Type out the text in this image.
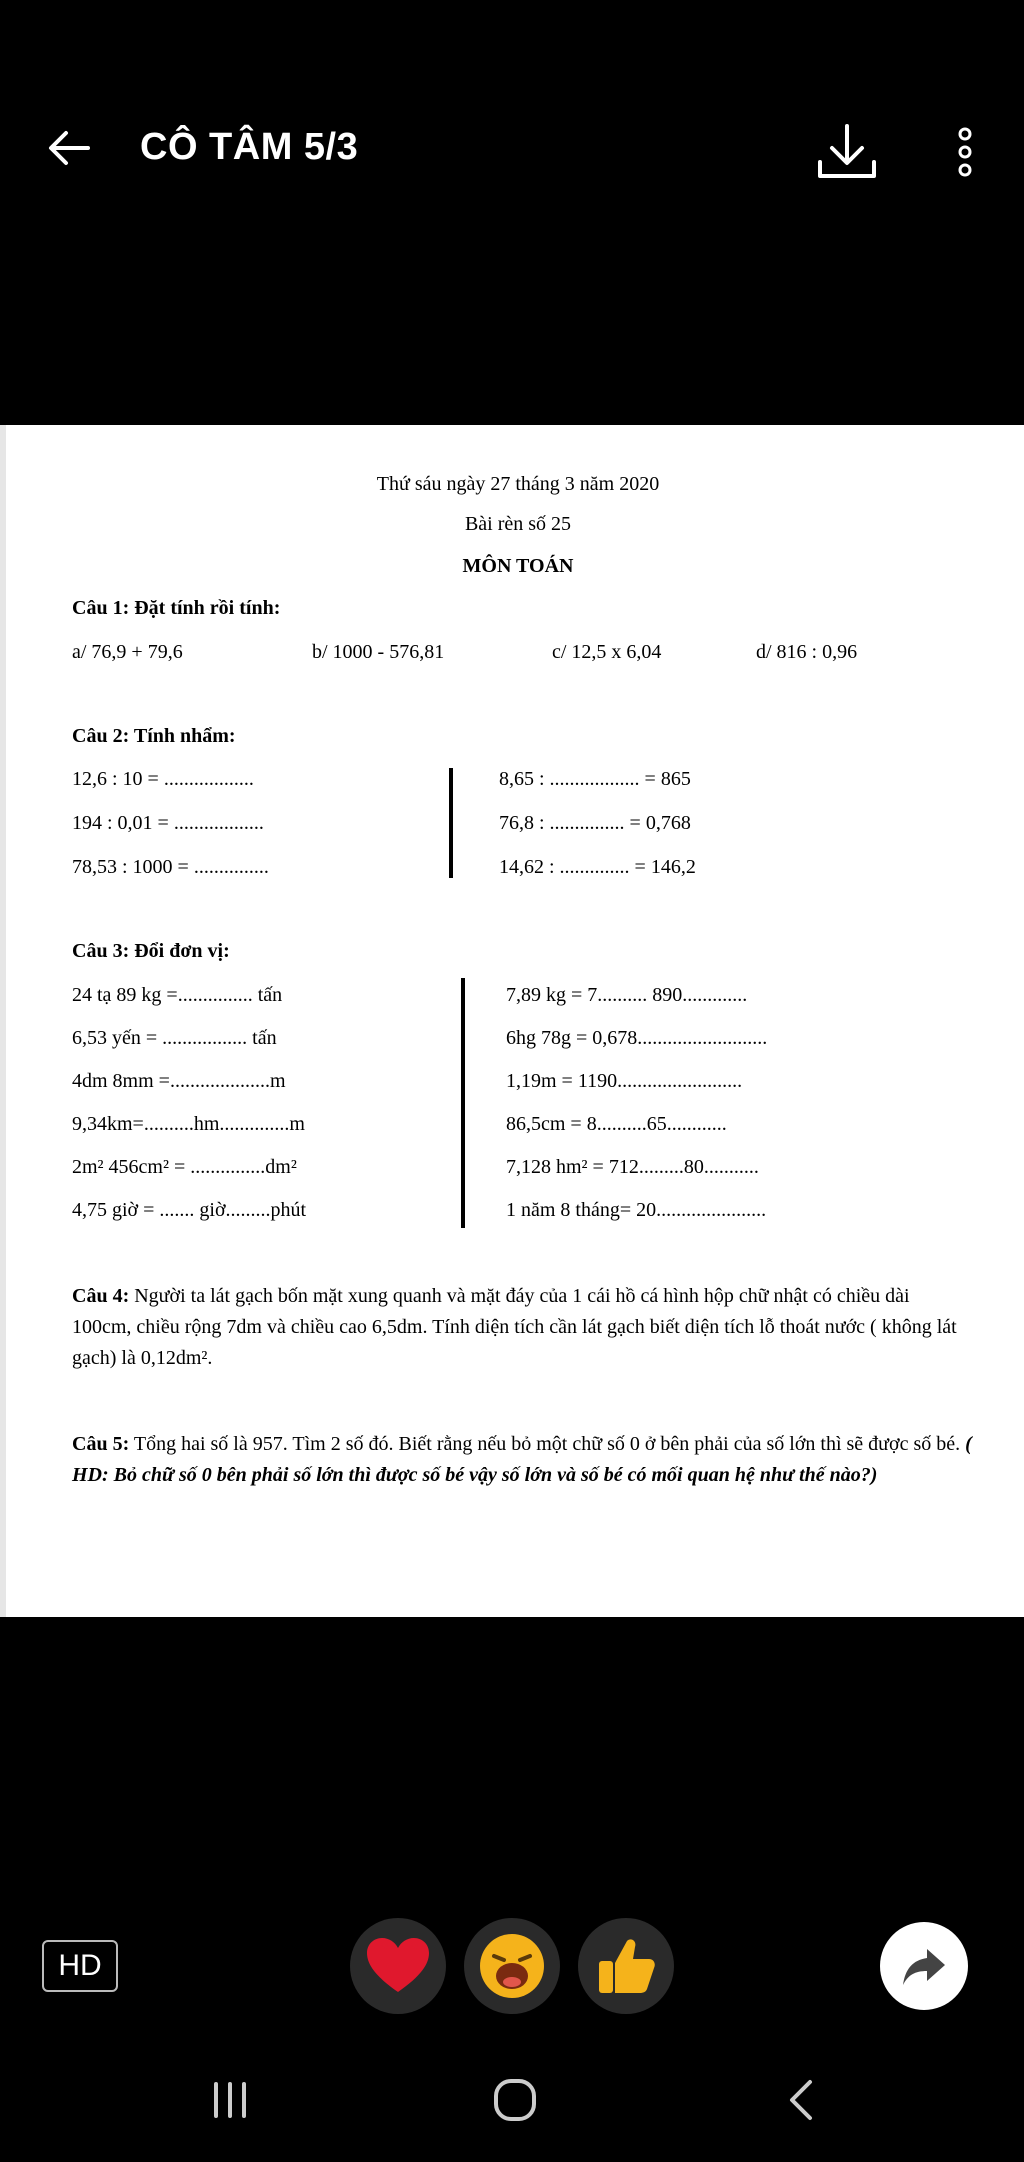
CÔ TÂM 5/3
Thứ sáu ngày 27 tháng 3 năm 2020
Bài rèn số 25
MÔN TOÁN
Câu 1: Đặt tính rồi tính:
a/ 76,9 + 79,6	b/ 1000 - 576,81	c/ 12,5 x 6,04	d/ 816 : 0,96
Câu 2: Tính nhẩm:
12,6 : 10 = ..................
194 : 0,01 = ..................
78,53 : 1000 = ...............
8,65 : .................. = 865
76,8 : ............... = 0,768
14,62 : .............. = 146,2
Câu 3: Đổi đơn vị:
24 tạ 89 kg =............... tấn
6,53 yến = ................. tấn
4dm 8mm =....................m
9,34km=..........hm..............m
2m² 456cm² = ...............dm²
4,75 giờ = ....... giờ.........phút
7,89 kg = 7.......... 890.............
6hg 78g = 0,678..........................
1,19m = 1190.........................
86,5cm = 8..........65............
7,128 hm² = 712.........80...........
1 năm 8 tháng= 20......................
Câu 4: Người ta lát gạch bốn mặt xung quanh và mặt đáy của 1 cái hồ cá hình hộp chữ nhật có chiều dài 100cm, chiều rộng 7dm và chiều cao 6,5dm. Tính diện tích cần lát gạch biết diện tích lỗ thoát nước ( không lát gạch) là 0,12dm².
Câu 5: Tổng hai số là 957. Tìm 2 số đó. Biết rằng nếu bỏ một chữ số 0 ở bên phải của số lớn thì sẽ được số bé. ( HD: Bỏ chữ số 0 bên phải số lớn thì được số bé vậy số lớn và số bé có mối quan hệ như thế nào?)
HD
